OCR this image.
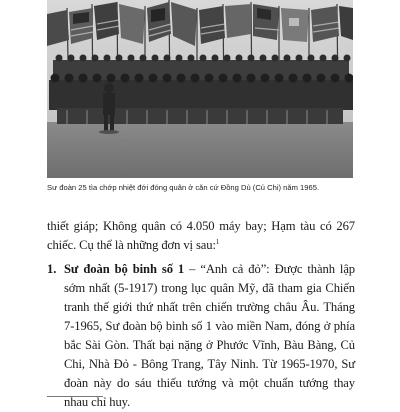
Sư đoàn 25 tìa chớp nhiệt đới đóng quân ở căn cứ Đồng Dù (Củ Chi) năm 1965.

thiết giáp; Không quân có 4.050 máy bay; Hạm tàu có 267 chiếc. Cụ thể là những đơn vị sau:$^1$

1. Sư đoàn bộ binh số 1 – “Anh cả đỏ”: Được thành lập sớm nhất (5-1917) trong lục quân Mỹ, đã tham gia Chiến tranh thế giới thứ nhất trên chiến trường châu Âu. Tháng 7-1965, Sư đoàn bộ binh số 1 vào miền Nam, đóng ở phía bắc Sài Gòn. Thất bại nặng ở Phước Vĩnh, Bàu Bàng, Củ Chi, Nhà Đỏ - Bông Trang, Tây Ninh. Từ 1965-1970, Sư đoàn này do sáu thiếu tướng và một chuẩn tướng thay nhau chỉ huy.
